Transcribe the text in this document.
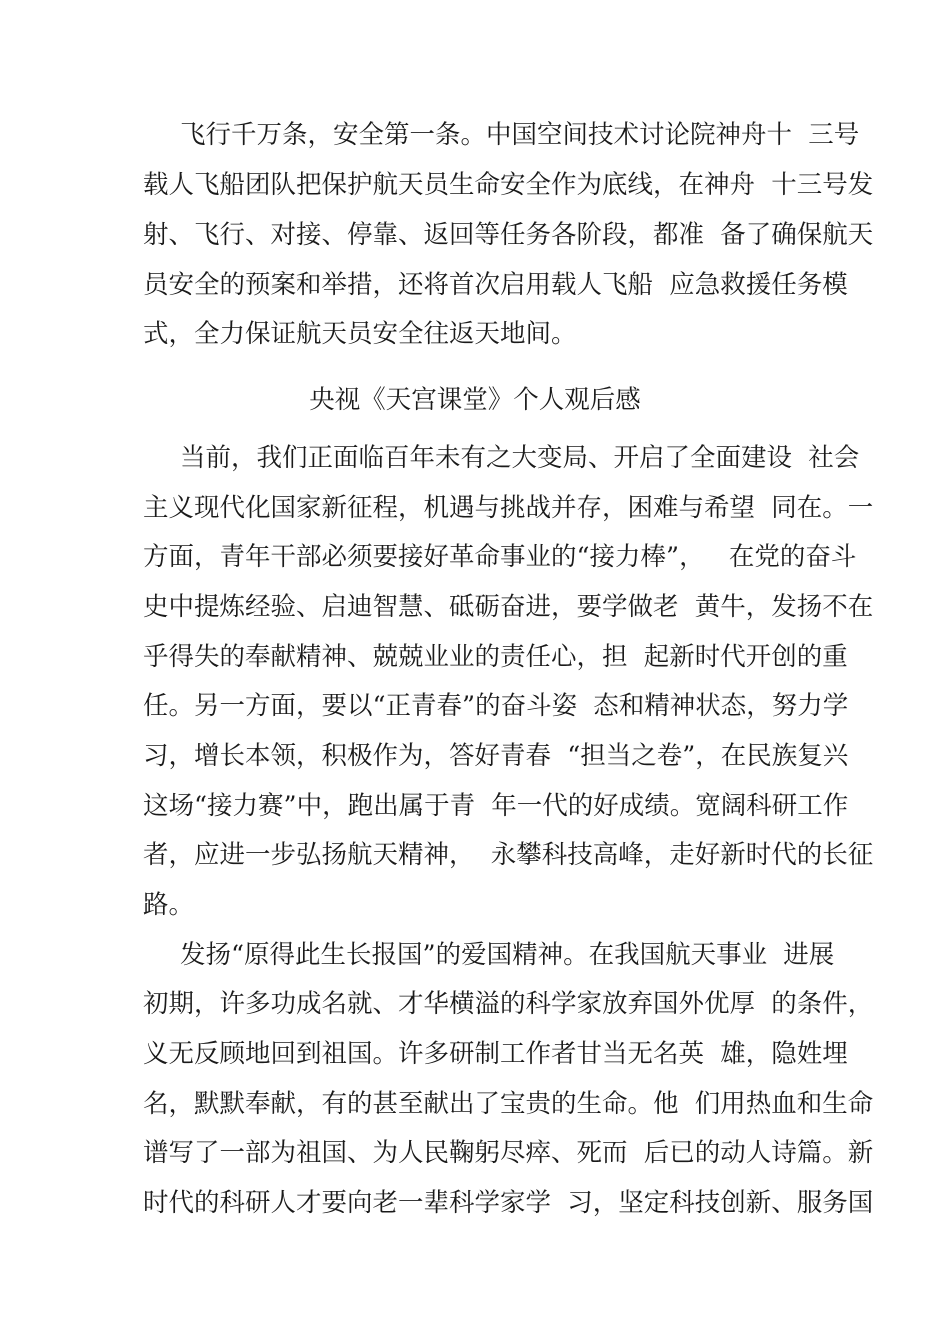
飞行千万条，安全第一条。中国空间技术讨论院神舟十  三号
载人飞船团队把保护航天员生命安全作为底线，在神舟  十三号发
射、飞行、对接、停靠、返回等任务各阶段，都准  备了确保航天
员安全的预案和举措，还将首次启用载人飞船  应急救援任务模
式，全力保证航天员安全往返天地间。
央视《天宫课堂》个人观后感
当前，我们正面临百年未有之大变局、开启了全面建设  社会
主义现代化国家新征程，机遇与挑战并存，困难与希望  同在。一
方面，青年干部必须要接好革命事业的“接力棒”，   在党的奋斗
史中提炼经验、启迪智慧、砥砺奋进，要学做老  黄牛，发扬不在
乎得失的奉献精神、兢兢业业的责任心，担  起新时代开创的重
任。另一方面，要以“正青春”的奋斗姿  态和精神状态，努力学
习，增长本领，积极作为，答好青春  “担当之卷”，在民族复兴
这场“接力赛”中，跑出属于青  年一代的好成绩。宽阔科研工作
者，应进一步弘扬航天精神，  永攀科技高峰，走好新时代的长征
路。
发扬“原得此生长报国”的爱国精神。在我国航天事业  进展
初期，许多功成名就、才华横溢的科学家放弃国外优厚  的条件，
义无反顾地回到祖国。许多研制工作者甘当无名英  雄，隐姓埋
名，默默奉献，有的甚至献出了宝贵的生命。他  们用热血和生命
谱写了一部为祖国、为人民鞠躬尽瘁、死而  后已的动人诗篇。新
时代的科研人才要向老一辈科学家学  习，坚定科技创新、服务国
